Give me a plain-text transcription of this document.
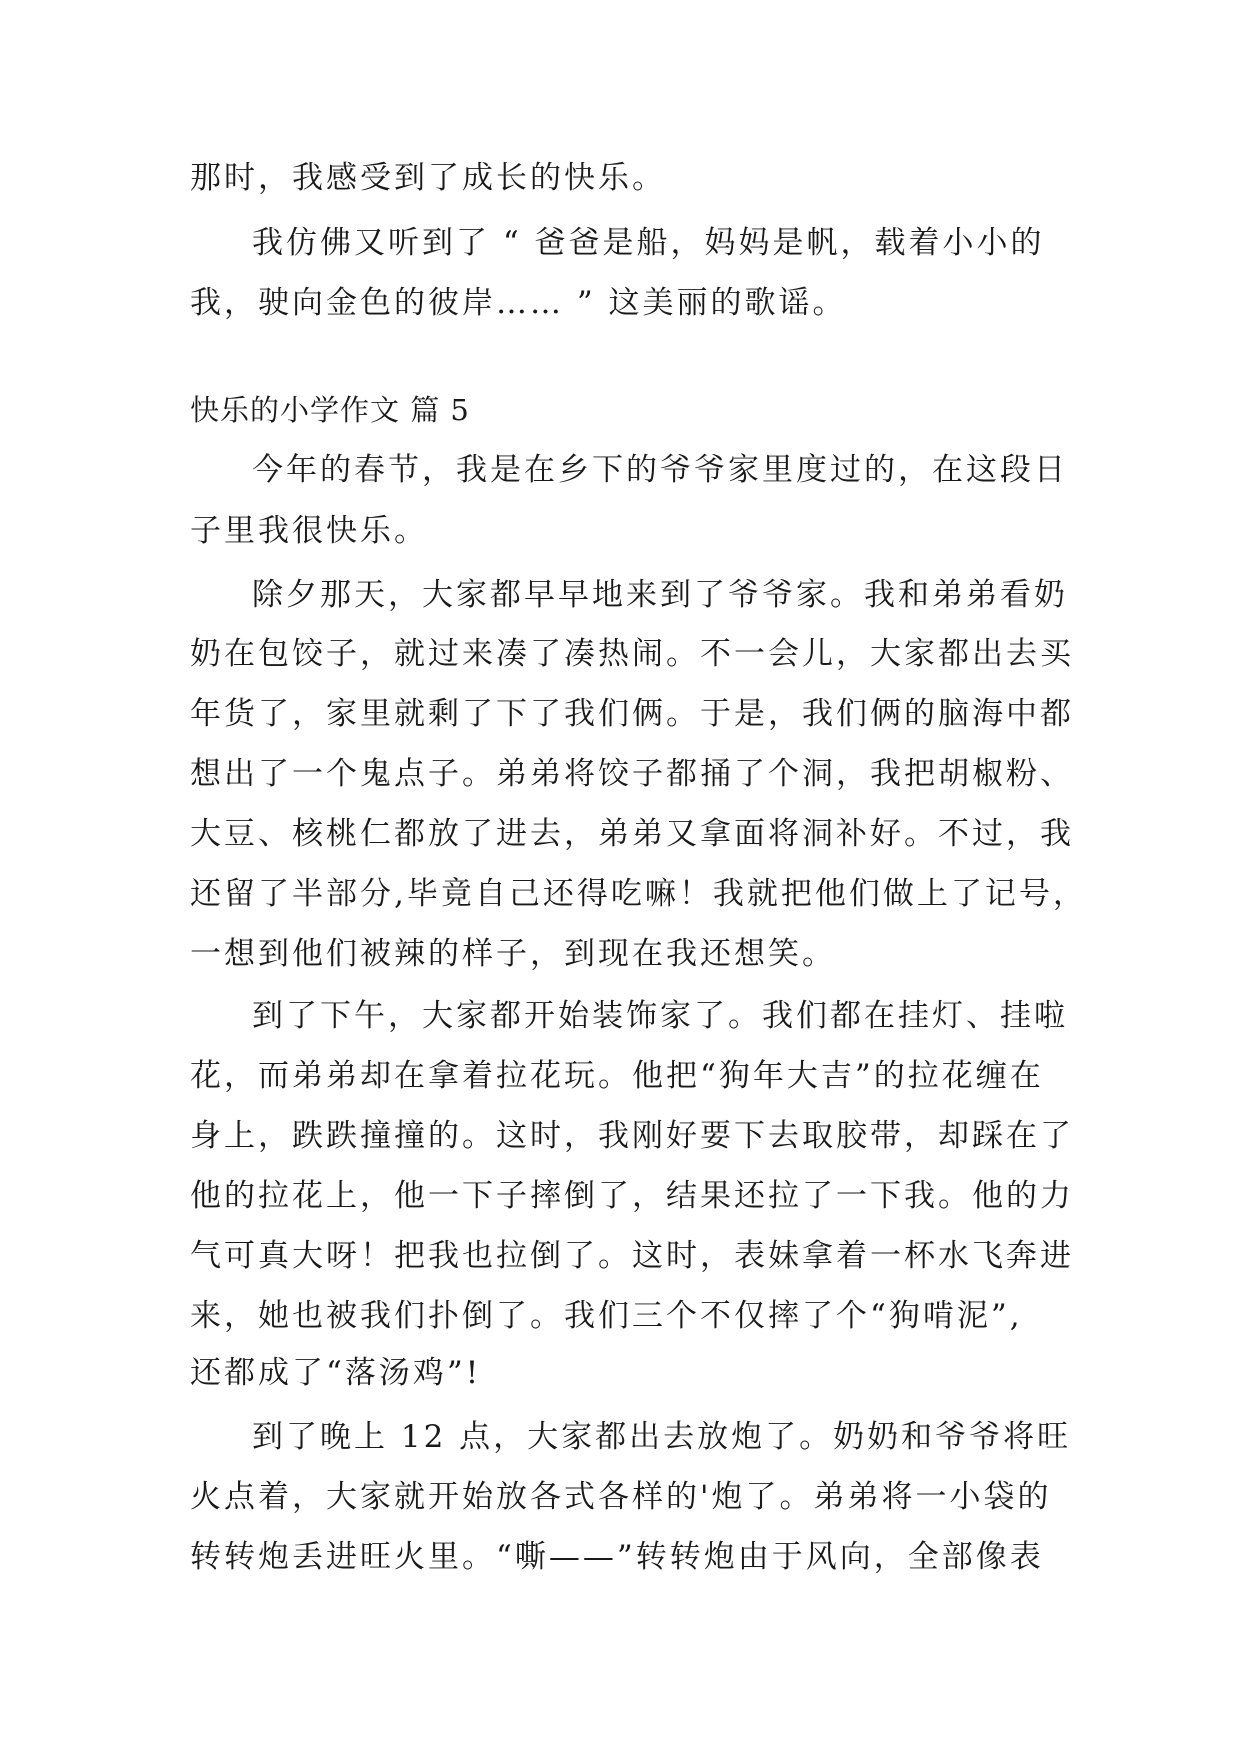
那时，我感受到了成长的快乐。
我仿佛又听到了 “ 爸爸是船，妈妈是帆，载着小小的
我，驶向金色的彼岸…… ” 这美丽的歌谣。
快乐的小学作文 篇 5
今年的春节，我是在乡下的爷爷家里度过的，在这段日
子里我很快乐。
除夕那天，大家都早早地来到了爷爷家。我和弟弟看奶
奶在包饺子，就过来凑了凑热闹。不一会儿，大家都出去买
年货了，家里就剩了下了我们俩。于是，我们俩的脑海中都
想出了一个鬼点子。弟弟将饺子都捅了个洞，我把胡椒粉、
大豆、核桃仁都放了进去，弟弟又拿面将洞补好。不过，我
还留了半部分,毕竟自己还得吃嘛！我就把他们做上了记号，
一想到他们被辣的样子，到现在我还想笑。
到了下午，大家都开始装饰家了。我们都在挂灯、挂啦
花，而弟弟却在拿着拉花玩。他把“狗年大吉”的拉花缠在
身上，跌跌撞撞的。这时，我刚好要下去取胶带，却踩在了
他的拉花上，他一下子摔倒了，结果还拉了一下我。他的力
气可真大呀！把我也拉倒了。这时，表妹拿着一杯水飞奔进
来，她也被我们扑倒了。我们三个不仅摔了个“狗啃泥”,
还都成了“落汤鸡”!
到了晚上 12 点，大家都出去放炮了。奶奶和爷爷将旺
火点着，大家就开始放各式各样的'炮了。弟弟将一小袋的
转转炮丢进旺火里。“嘶——”转转炮由于风向，全部像表
